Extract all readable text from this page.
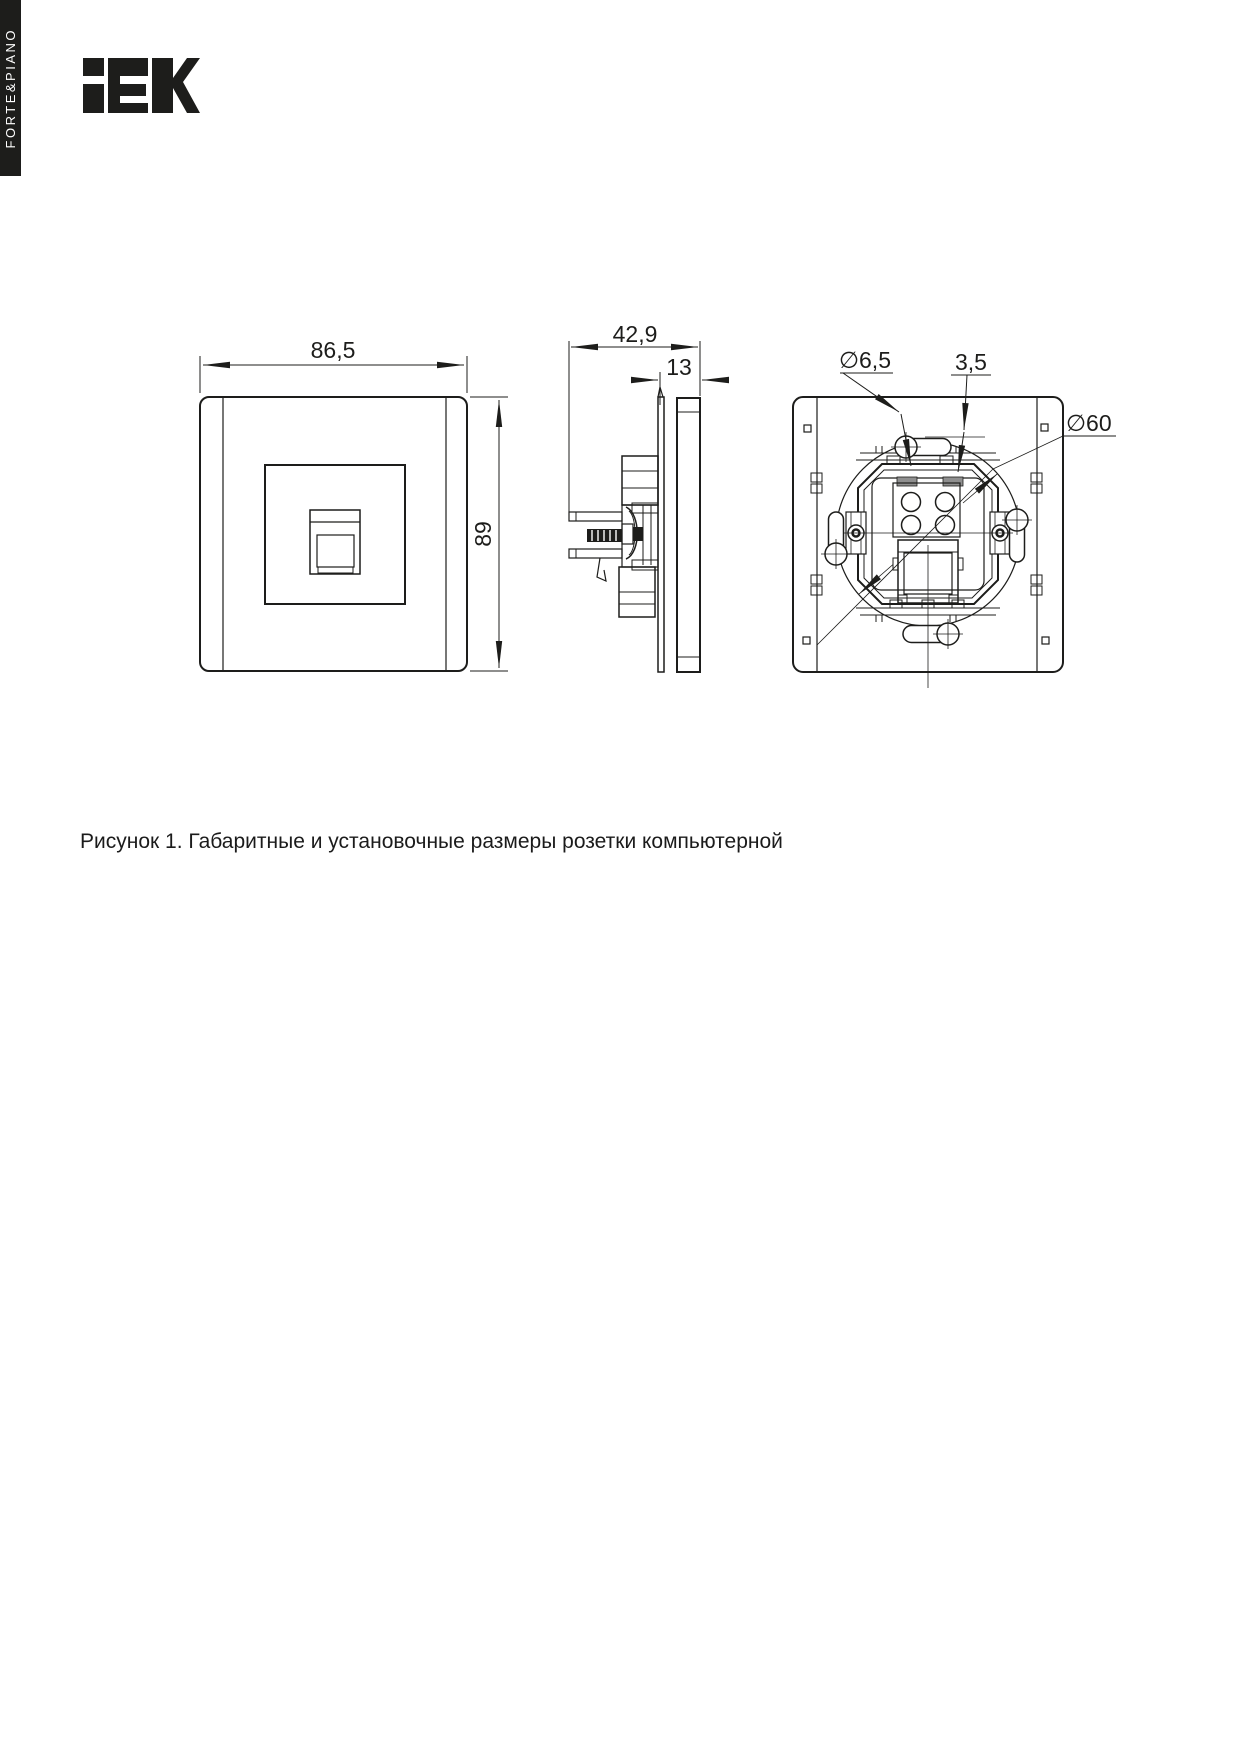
FORTE&PIANO
86,5
89
42,9
13
∅60
∅6,5	3,5
Рисунок 1. Габаритные и установочные размеры розетки компьютерной
